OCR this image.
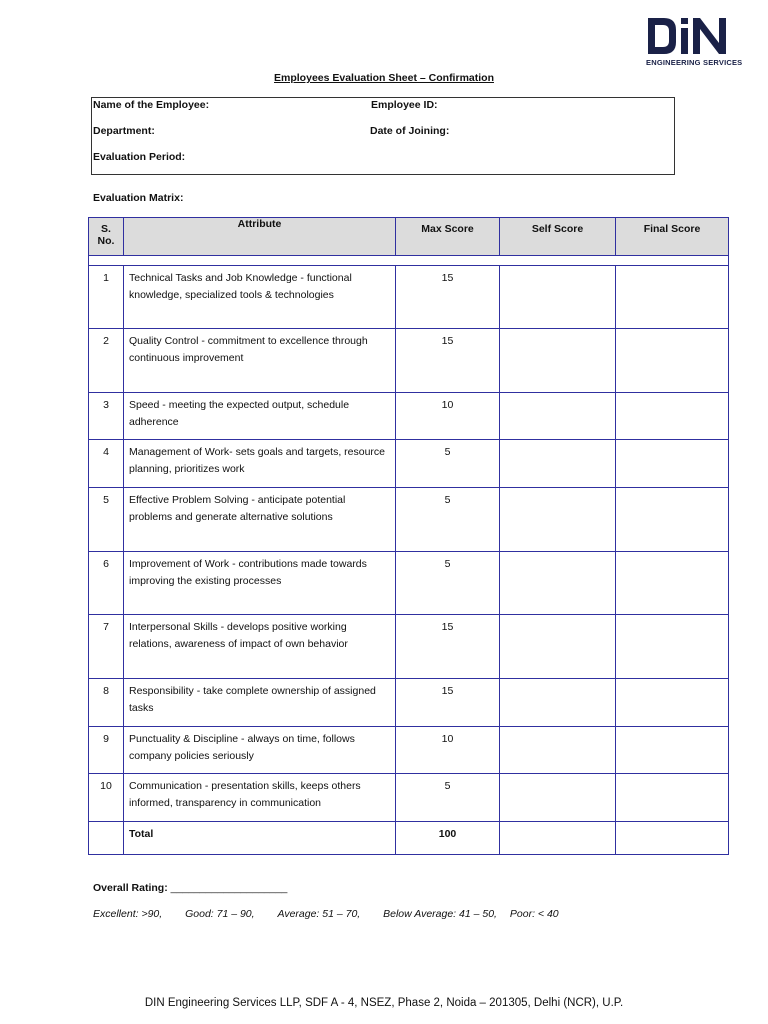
ENGINEERING SERVICES
Employees Evaluation Sheet – Confirmation
Name of the Employee:	Employee ID:
Department:	Date of Joining:
Evaluation Period:
Evaluation Matrix:
S. No.	Attribute	Max Score	Self Score	Final Score

1	Technical Tasks and Job Knowledge - functional knowledge, specialized tools & technologies	15		
2	Quality Control - commitment to excellence through continuous improvement	15		
3	Speed - meeting the expected output, schedule adherence	10		
4	Management of Work- sets goals and targets, resource planning, prioritizes work	5		
5	Effective Problem Solving - anticipate potential problems and generate alternative solutions	5		
6	Improvement of Work - contributions made towards improving the existing processes	5		
7	Interpersonal Skills - develops positive working relations, awareness of impact of own behavior	15		
8	Responsibility - take complete ownership of assigned tasks	15		
9	Punctuality & Discipline - always on time, follows company policies seriously	10		
10	Communication - presentation skills, keeps others informed, transparency in communication	5		
	Total	100		
Overall Rating: ____________________
Excellent: >90, Good: 71 – 90, Average: 51 – 70, Below Average: 41 – 50, Poor: < 40
DIN Engineering Services LLP, SDF A - 4, NSEZ, Phase 2, Noida – 201305, Delhi (NCR), U.P.
